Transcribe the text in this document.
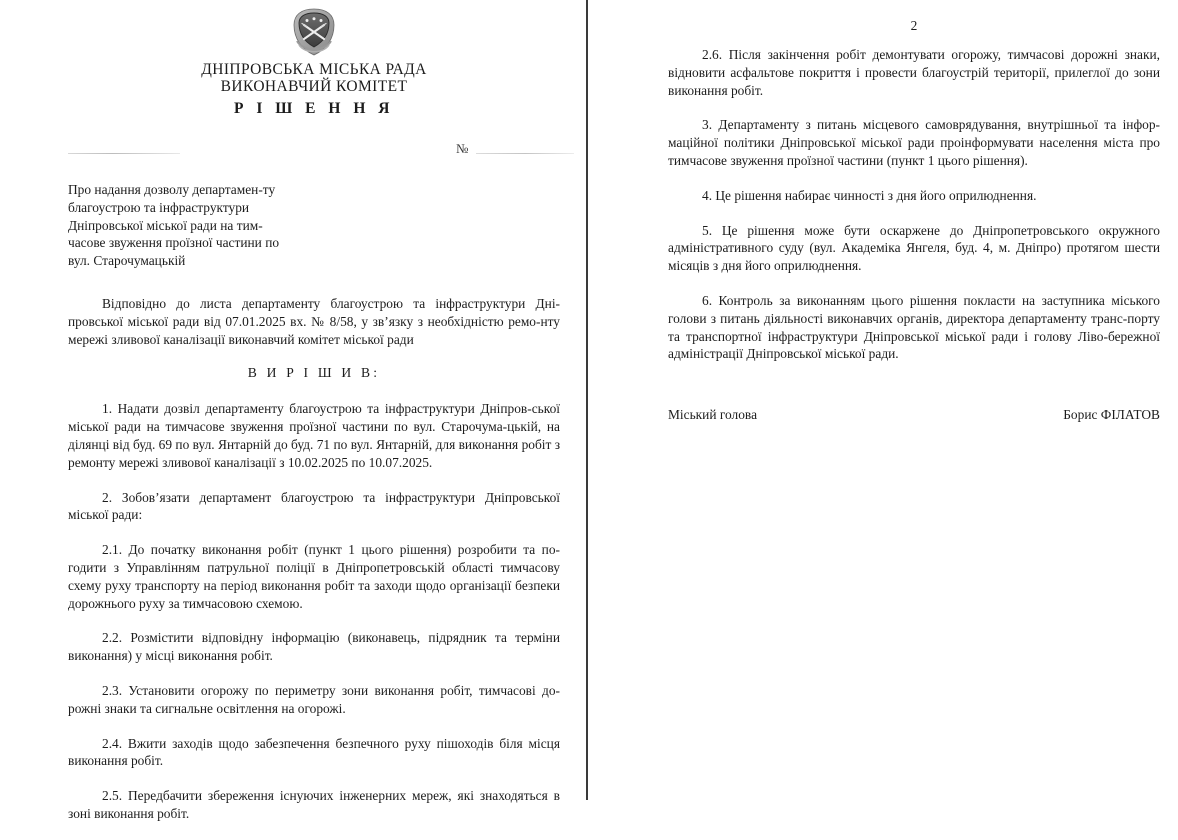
ДНІПРОВСЬКА МІСЬКА РАДА
ВИКОНАВЧИЙ КОМІТЕТ
Р І Ш Е Н Н Я
№
Про надання дозволу департамен-ту благоустрою та інфраструктури Дніпровської міської ради на тим-часове звуження проїзної частини по вул. Старочумацькій

Відповідно до листа департаменту благоустрою та інфраструктури Дні-провської міської ради від 07.01.2025 вх. № 8/58, у зв’язку з необхідністю ремо-нту мережі зливової каналізації виконавчий комітет міської ради

В И Р І Ш И В:

1. Надати дозвіл департаменту благоустрою та інфраструктури Дніпров-ської міської ради на тимчасове звуження проїзної частини по вул. Старочума-цькій, на ділянці від буд. 69 по вул. Янтарній до буд. 71 по вул. Янтарній, для виконання робіт з ремонту мережі зливової каналізації з 10.02.2025 по 10.07.2025.

2. Зобов’язати департамент благоустрою та інфраструктури Дніпровської міської ради:

2.1. До початку виконання робіт (пункт 1 цього рішення) розробити та по-годити з Управлінням патрульної поліції в Дніпропетровській області тимчасову схему руху транспорту на період виконання робіт та заходи щодо організації безпеки дорожнього руху за тимчасовою схемою.

2.2. Розмістити відповідну інформацію (виконавець, підрядник та терміни виконання) у місці виконання робіт.

2.3. Установити огорожу по периметру зони виконання робіт, тимчасові до-рожні знаки та сигнальне освітлення на огорожі.

2.4. Вжити заходів щодо забезпечення безпечного руху пішоходів біля місця виконання робіт.

2.5. Передбачити збереження існуючих інженерних мереж, які знаходяться в зоні виконання робіт.

2

2.6. Після закінчення робіт демонтувати огорожу, тимчасові дорожні знаки, відновити асфальтове покриття і провести благоустрій території, прилеглої до зони виконання робіт.

3. Департаменту з питань місцевого самоврядування, внутрішньої та інфор-маційної політики Дніпровської міської ради проінформувати населення міста про тимчасове звуження проїзної частини (пункт 1 цього рішення).

4. Це рішення набирає чинності з дня його оприлюднення.

5. Це рішення може бути оскаржене до Дніпропетровського окружного адміністративного суду (вул. Академіка Янгеля, буд. 4, м. Дніпро) протягом шести місяців з дня його оприлюднення.

6. Контроль за виконанням цього рішення покласти на заступника міського голови з питань діяльності виконавчих органів, директора департаменту транс-порту та транспортної інфраструктури Дніпровської міської ради і голову Ліво-бережної адміністрації Дніпровської міської ради.

Міський голова	Борис ФІЛАТОВ
